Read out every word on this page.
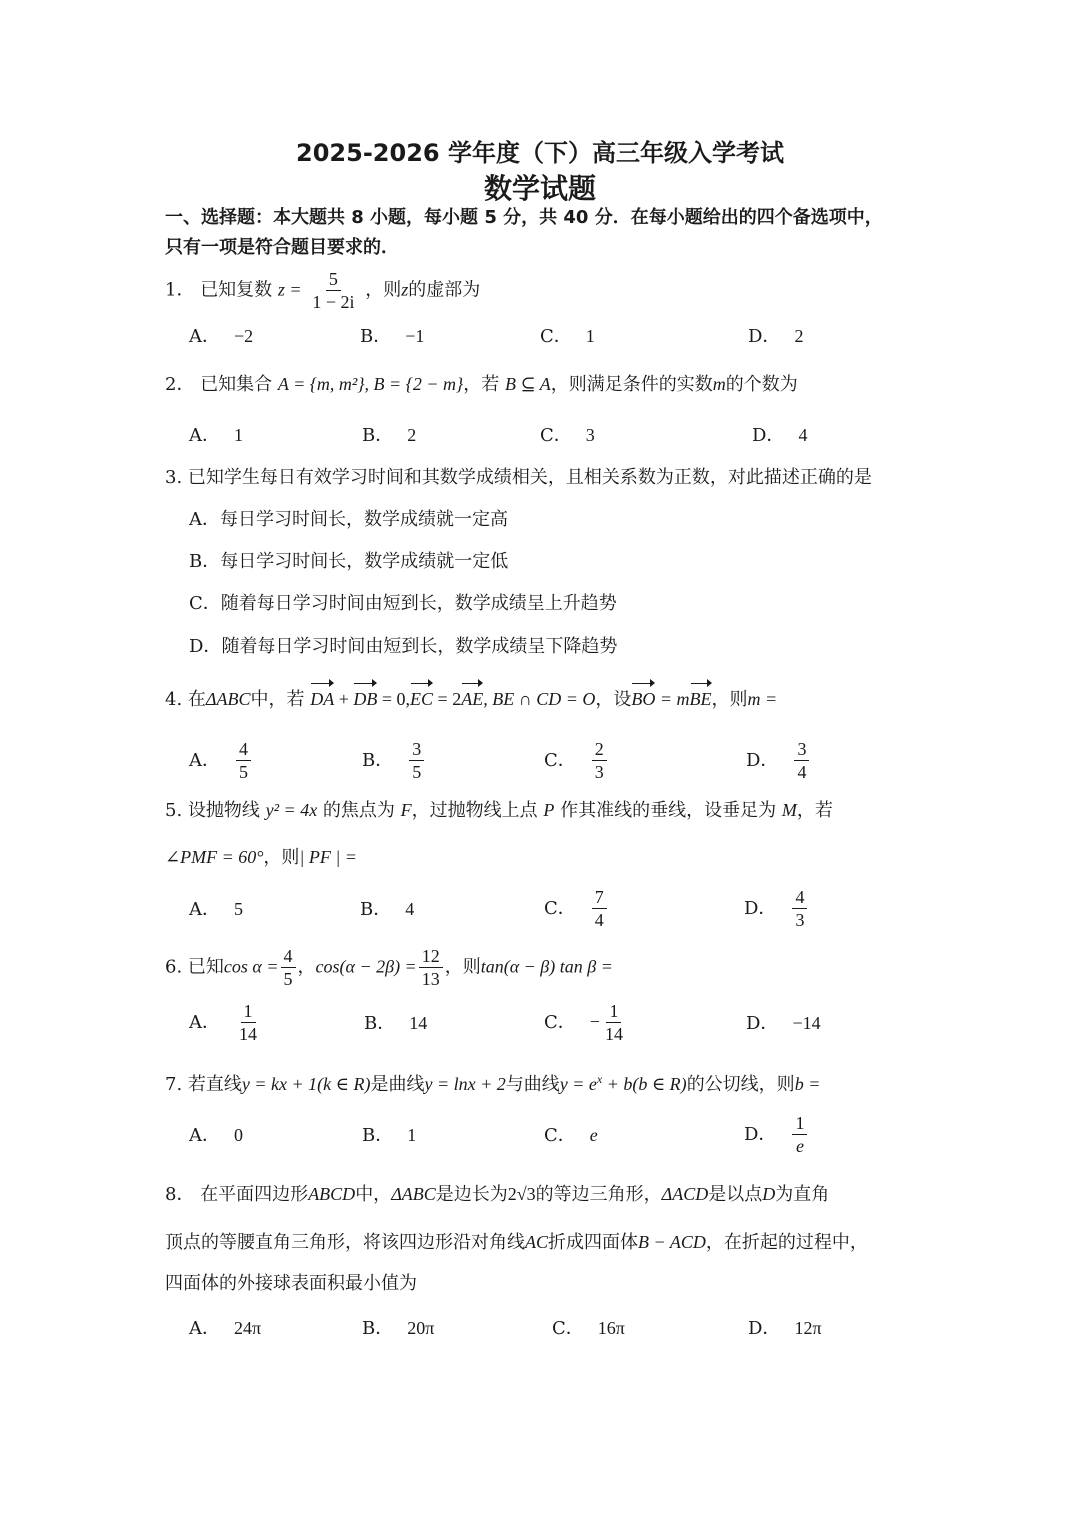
2025-2026 学年度（下）高三年级入学考试
数学试题
一、选择题：本大题共 8 小题，每小题 5 分，共 40 分．在每小题给出的四个备选项中，
只有一项是符合题目要求的．
1． 已知复数 $z = \frac{5}{1 - 2i}$ ，则z的虚部为
A． −2	B． −1	C． 1	D． 2
2． 已知集合 A = {m, m²}, B = {2 − m}，若 B ⊆ A，则满足条件的实数m的个数为
A． 1	B． 2	C． 3	D． 4
3. 已知学生每日有效学习时间和其数学成绩相关，且相关系数为正数，对此描述正确的是
A．每日学习时间长，数学成绩就一定高
B．每日学习时间长，数学成绩就一定低
C．随着每日学习时间由短到长，数学成绩呈上升趋势
D．随着每日学习时间由短到长，数学成绩呈下降趋势
4. 在ΔABC中，若 DA + DB = 0,EC = 2AE, BE ∩ CD = O，设BO = mBE，则m =
A． $\frac{4}{5}$	B． $\frac{3}{5}$	C． $\frac{2}{3}$	D． $\frac{3}{4}$
5. 设抛物线 y² = 4x 的焦点为 F，过抛物线上点 P 作其准线的垂线，设垂足为 M，若
∠PMF = 60°，则| PF | =
A． 5	B． 4	C． $\frac{7}{4}$	D． $\frac{4}{3}$
6. 已知$\cos \alpha = \frac{4}{5}$ ，$\cos(\alpha - 2\beta) = \frac{12}{13}$ ，则tan(α − β) tan β =
A． $\frac{1}{14}$	B． 14	C． − $\frac{1}{14}$	D． −14
7. 若直线y = kx + 1(k ∈ R)是曲线y = lnx + 2与曲线$y = e^x + b(b$ ∈ R)的公切线，则b =
A． 0	B． 1	C． e	D． $\frac{1}{e}$
8． 在平面四边形ABCD中，ΔABC是边长为2√3的等边三角形，ΔACD是以点D为直角
顶点的等腰直角三角形，将该四边形沿对角线AC折成四面体B − ACD，在折起的过程中，
四面体的外接球表面积最小值为
A． 24π	B． 20π	C． 16π	D． 12π
